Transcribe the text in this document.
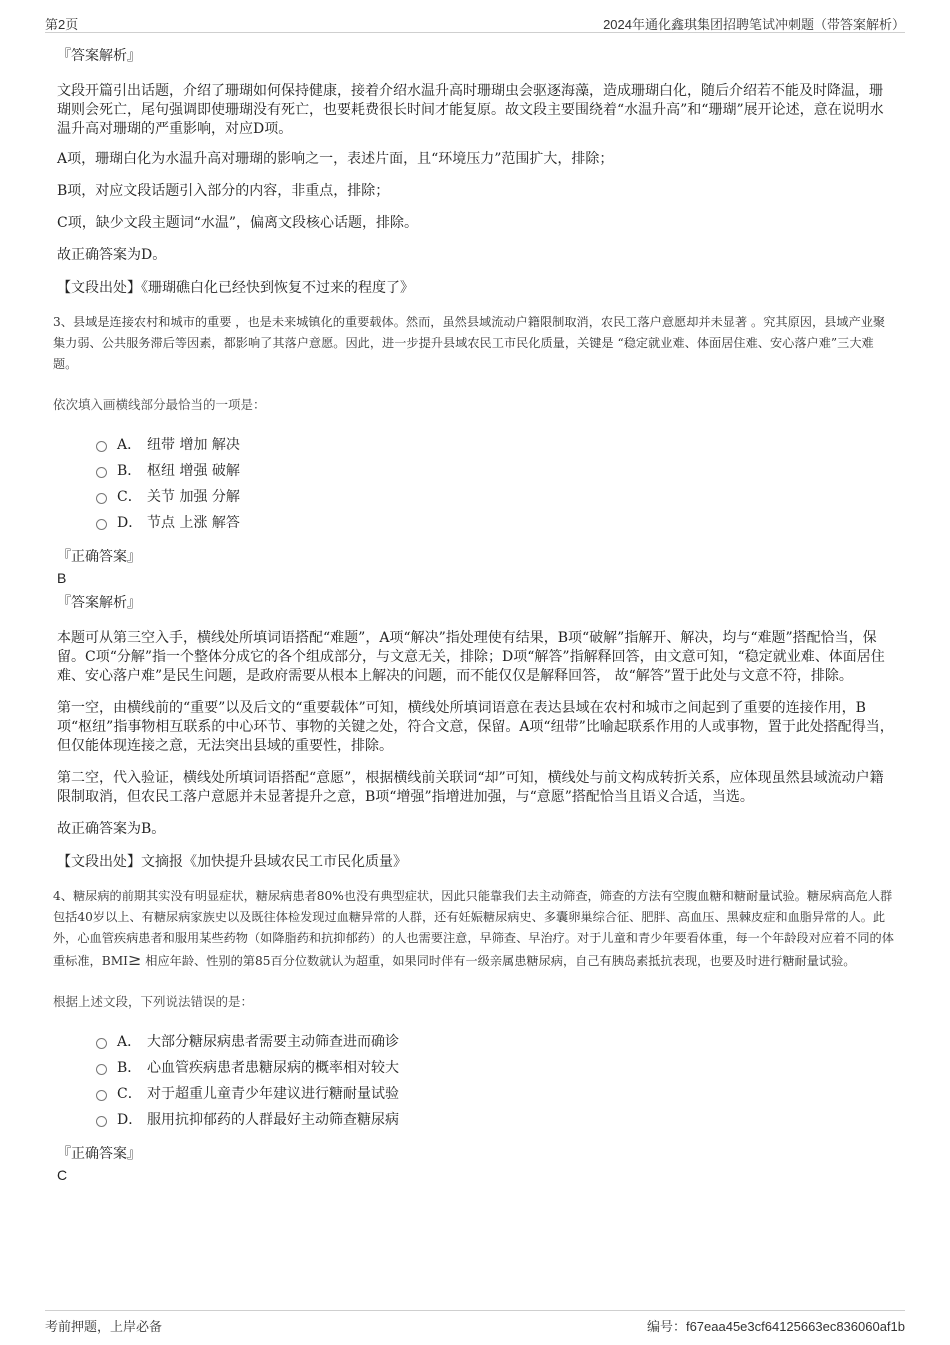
第2页	2024年通化鑫琪集团招聘笔试冲刺题（带答案解析）
『答案解析』

文段开篇引出话题，介绍了珊瑚如何保持健康，接着介绍水温升高时珊瑚虫会驱逐海藻，造成珊瑚白化，随后介绍若不能及时降温，珊瑚则会死亡，尾句强调即使珊瑚没有死亡，也要耗费很长时间才能复原。故文段主要围绕着“水温升高”和“珊瑚”展开论述，意在说明水温升高对珊瑚的严重影响，对应D项。

A项，珊瑚白化为水温升高对珊瑚的影响之一，表述片面，且“环境压力”范围扩大，排除；

B项，对应文段话题引入部分的内容，非重点，排除；

C项，缺少文段主题词“水温”，偏离文段核心话题，排除。

故正确答案为D。

【文段出处】《珊瑚礁白化已经快到恢复不过来的程度了》
3、县域是连接农村和城市的重要 ，也是未来城镇化的重要载体。然而，虽然县域流动户籍限制取消，农民工落户意愿却并未显著 。究其原因，县域产业聚集力弱、公共服务滞后等因素，都影响了其落户意愿。因此，进一步提升县域农民工市民化质量，关键是 “稳定就业难、体面居住难、安心落户难”三大难题。
依次填入画横线部分最恰当的一项是：
A． 纽带 增加 解决
B． 枢纽 增强 破解
C． 关节 加强 分解
D． 节点 上涨 解答
『正确答案』
B
『答案解析』

本题可从第三空入手，横线处所填词语搭配“难题”，A项“解决”指处理使有结果，B项“破解”指解开、解决，均与“难题”搭配恰当，保留。C项“分解”指一个整体分成它的各个组成部分，与文意无关，排除；D项“解答”指解释回答，由文意可知，“稳定就业难、体面居住难、安心落户难”是民生问题，是政府需要从根本上解决的问题，而不能仅仅是解释回答， 故“解答”置于此处与文意不符，排除。

第一空，由横线前的“重要”以及后文的“重要载体”可知，横线处所填词语意在表达县域在农村和城市之间起到了重要的连接作用，B项“枢纽”指事物相互联系的中心环节、事物的关键之处，符合文意，保留。A项“纽带”比喻起联系作用的人或事物，置于此处搭配得当，但仅能体现连接之意，无法突出县域的重要性，排除。

第二空，代入验证，横线处所填词语搭配“意愿”，根据横线前关联词“却”可知，横线处与前文构成转折关系，应体现虽然县域流动户籍限制取消，但农民工落户意愿并未显著提升之意，B项“增强”指增进加强，与“意愿”搭配恰当且语义合适，当选。

故正确答案为B。

【文段出处】文摘报《加快提升县域农民工市民化质量》
4、糖尿病的前期其实没有明显症状，糖尿病患者80%也没有典型症状，因此只能靠我们去主动筛查，筛查的方法有空腹血糖和糖耐量试验。糖尿病高危人群包括40岁以上、有糖尿病家族史以及既往体检发现过血糖异常的人群，还有妊娠糖尿病史、多囊卵巢综合征、肥胖、高血压、黑棘皮症和血脂异常的人。此外，心血管疾病患者和服用某些药物（如降脂药和抗抑郁药）的人也需要注意，早筛查、早治疗。对于儿童和青少年要看体重，每一个年龄段对应着不同的体重标准，BMI≥ 相应年龄、性别的第85百分位数就认为超重，如果同时伴有一级亲属患糖尿病，自己有胰岛素抵抗表现，也要及时进行糖耐量试验。
根据上述文段，下列说法错误的是：
A． 大部分糖尿病患者需要主动筛查进而确诊
B． 心血管疾病患者患糖尿病的概率相对较大
C． 对于超重儿童青少年建议进行糖耐量试验
D． 服用抗抑郁药的人群最好主动筛查糖尿病
『正确答案』
C
考前押题，上岸必备	编号：f67eaa45e3cf64125663ec836060af1b
